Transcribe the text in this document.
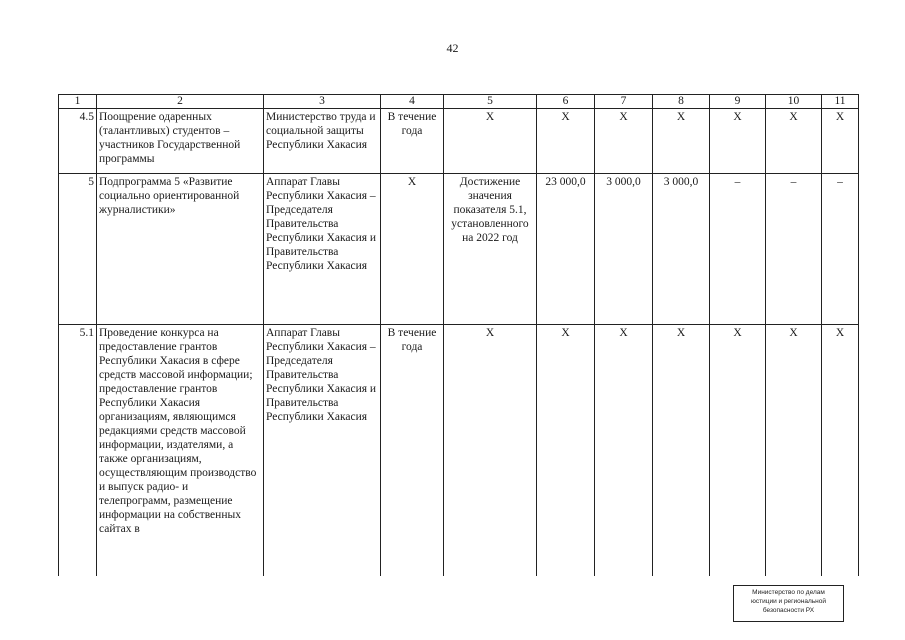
42
1	2	3	4	5	6	7	8	9	10	11
4.5	Поощрение одаренных (талантливых) студентов – участников Государственной программы	Министерство труда и социальной защиты Республики Хакасия	В течение года	Х	Х	Х	Х	Х	Х	Х
5	Подпрограмма 5 «Развитие социально ориентированной журналистики»	Аппарат Главы Республики Хакасия – Председателя Правительства Республики Хакасия и Правительства Республики Хакасия	Х	Достижение значения показателя 5.1, установленного на 2022 год	23 000,0	3 000,0	3 000,0	–	–	–
5.1	Проведение конкурса на предоставление грантов Республики Хакасия в сфере средств массовой информации; предоставление грантов Республики Хакасия организациям, являющимся редакциями средств массовой информации, издателями, а также организациям, осуществляющим производство и выпуск радио- и телепрограмм, размещение информации на собственных сайтах в	Аппарат Главы Республики Хакасия – Председателя Правительства Республики Хакасия и Правительства Республики Хакасия	В течение года	Х	Х	Х	Х	Х	Х	Х
Министерство по делам
юстиции и региональной
безопасности РХ
